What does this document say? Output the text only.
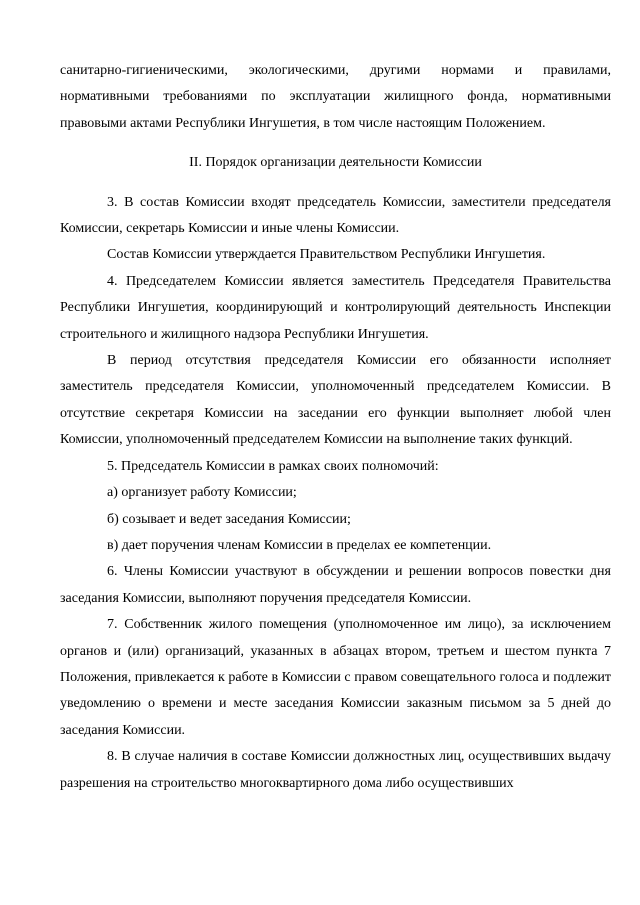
санитарно-гигиеническими, экологическими, другими нормами и правилами, нормативными требованиями по эксплуатации жилищного фонда, нормативными правовыми актами Республики Ингушетия, в том числе настоящим Положением.

II. Порядок организации деятельности Комиссии

3. В состав Комиссии входят председатель Комиссии, заместители председателя Комиссии, секретарь Комиссии и иные члены Комиссии.

Состав Комиссии утверждается Правительством Республики Ингушетия.

4. Председателем Комиссии является заместитель Председателя Правительства Республики Ингушетия, координирующий и контролирующий деятельность Инспекции строительного и жилищного надзора Республики Ингушетия.

В период отсутствия председателя Комиссии его обязанности исполняет заместитель председателя Комиссии, уполномоченный председателем Комиссии. В отсутствие секретаря Комиссии на заседании его функции выполняет любой член Комиссии, уполномоченный председателем Комиссии на выполнение таких функций.

5. Председатель Комиссии в рамках своих полномочий:

а) организует работу Комиссии;

б) созывает и ведет заседания Комиссии;

в) дает поручения членам Комиссии в пределах ее компетенции.

6. Члены Комиссии участвуют в обсуждении и решении вопросов повестки дня заседания Комиссии, выполняют поручения председателя Комиссии.

7. Собственник жилого помещения (уполномоченное им лицо), за исключением органов и (или) организаций, указанных в абзацах втором, третьем и шестом пункта 7 Положения, привлекается к работе в Комиссии с правом совещательного голоса и подлежит уведомлению о времени и месте заседания Комиссии заказным письмом за 5 дней до заседания Комиссии.

8. В случае наличия в составе Комиссии должностных лиц, осуществивших выдачу разрешения на строительство многоквартирного дома либо осуществивших
